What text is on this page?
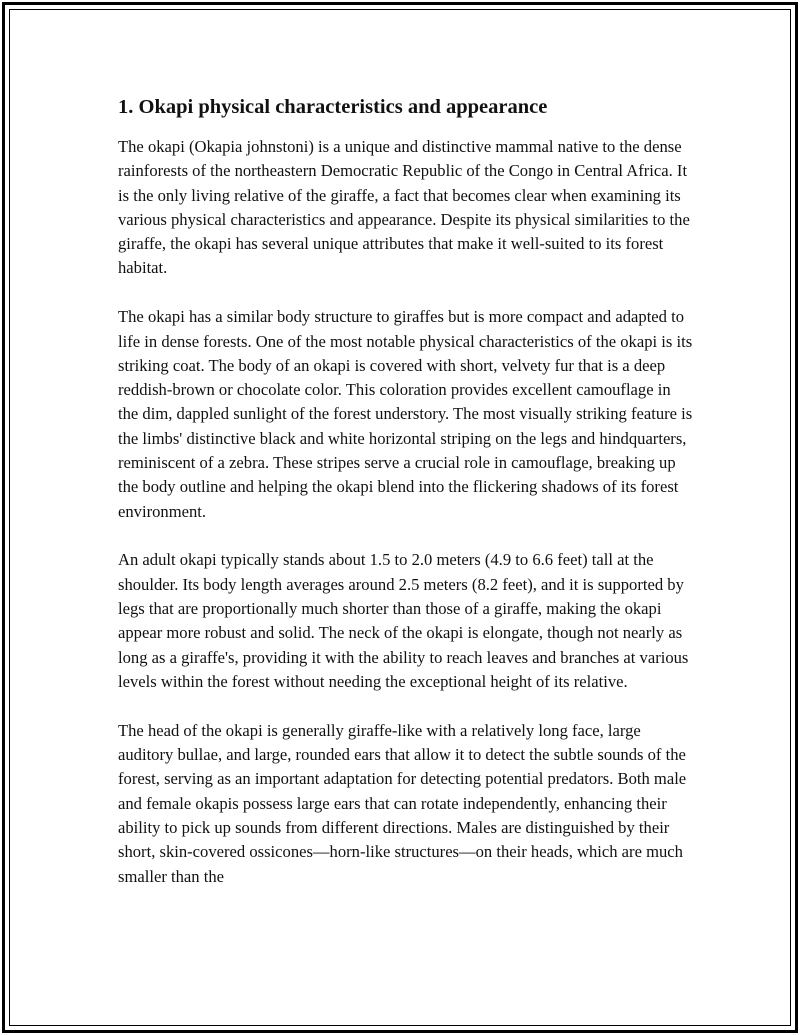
1. Okapi physical characteristics and appearance

The okapi (Okapia johnstoni) is a unique and distinctive mammal native to the dense rainforests of the northeastern Democratic Republic of the Congo in Central Africa. It is the only living relative of the giraffe, a fact that becomes clear when examining its various physical characteristics and appearance. Despite its physical similarities to the giraffe, the okapi has several unique attributes that make it well-suited to its forest habitat.

The okapi has a similar body structure to giraffes but is more compact and adapted to life in dense forests. One of the most notable physical characteristics of the okapi is its striking coat. The body of an okapi is covered with short, velvety fur that is a deep reddish-brown or chocolate color. This coloration provides excellent camouflage in the dim, dappled sunlight of the forest understory. The most visually striking feature is the limbs' distinctive black and white horizontal striping on the legs and hindquarters, reminiscent of a zebra. These stripes serve a crucial role in camouflage, breaking up the body outline and helping the okapi blend into the flickering shadows of its forest environment.

An adult okapi typically stands about 1.5 to 2.0 meters (4.9 to 6.6 feet) tall at the shoulder. Its body length averages around 2.5 meters (8.2 feet), and it is supported by legs that are proportionally much shorter than those of a giraffe, making the okapi appear more robust and solid. The neck of the okapi is elongate, though not nearly as long as a giraffe's, providing it with the ability to reach leaves and branches at various levels within the forest without needing the exceptional height of its relative.

The head of the okapi is generally giraffe-like with a relatively long face, large auditory bullae, and large, rounded ears that allow it to detect the subtle sounds of the forest, serving as an important adaptation for detecting potential predators. Both male and female okapis possess large ears that can rotate independently, enhancing their ability to pick up sounds from different directions. Males are distinguished by their short, skin-covered ossicones—horn-like structures—on their heads, which are much smaller than the
